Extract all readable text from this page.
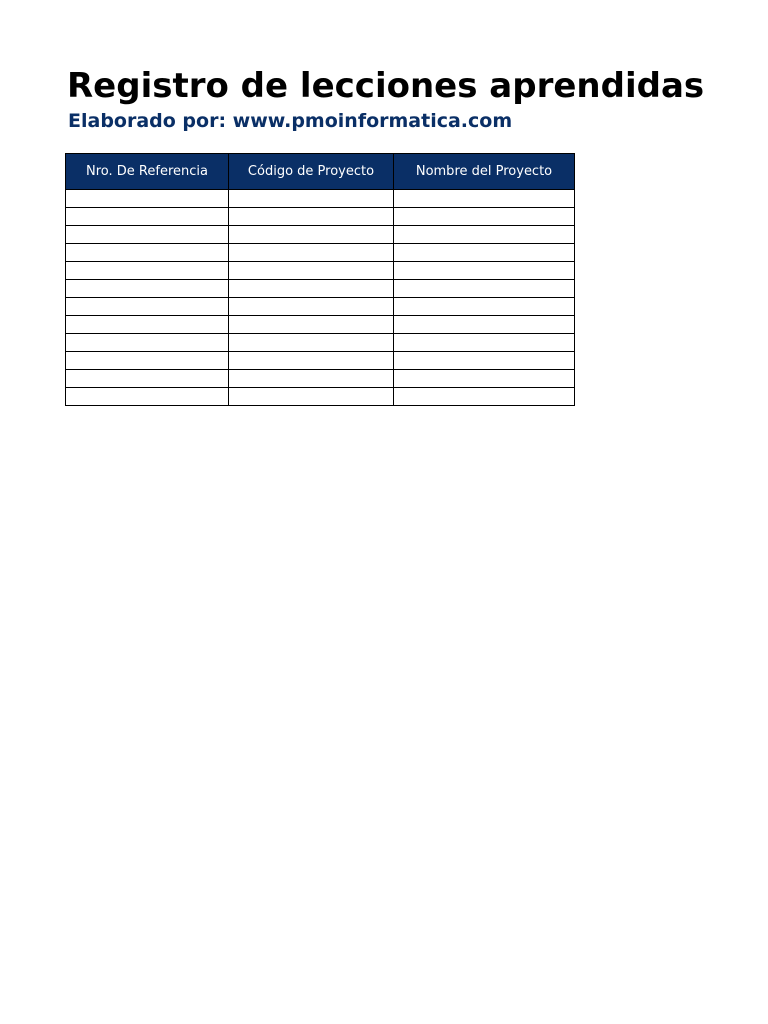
Registro de lecciones aprendidas
Elaborado por: www.pmoinformatica.com
Nro. De Referencia	Código de Proyecto	Nombre del Proyecto
